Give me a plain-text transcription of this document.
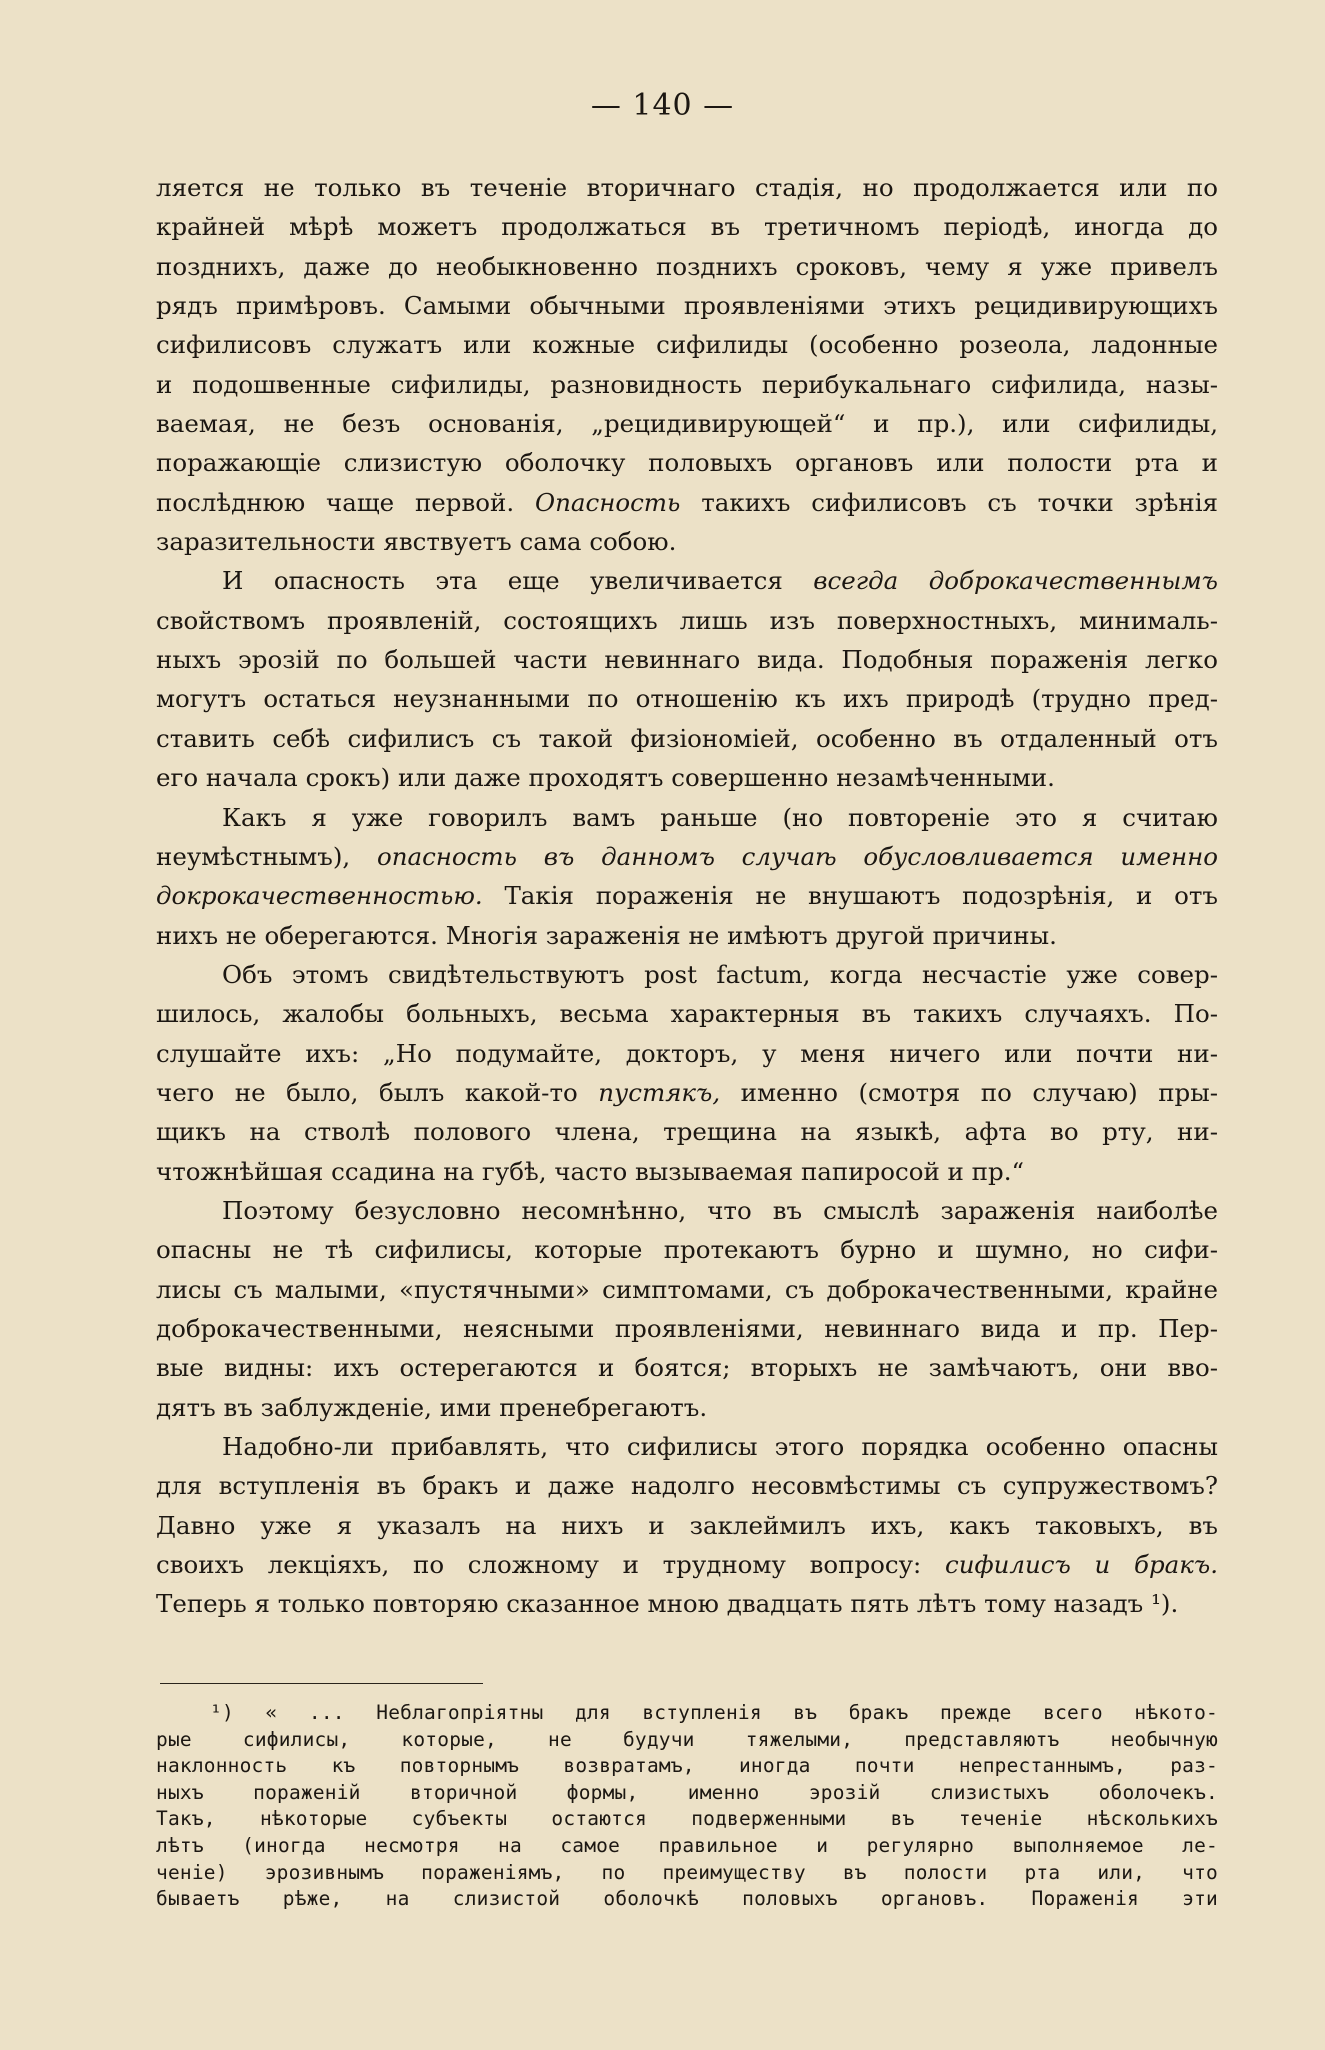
— 140 —
ляется не только въ теченіе вторичнаго стадія, но продолжается или по
крайней мѣрѣ можетъ продолжаться въ третичномъ періодѣ, иногда до
позднихъ, даже до необыкновенно позднихъ сроковъ, чему я уже привелъ
рядъ примѣровъ. Самыми обычными проявленіями этихъ рецидивирующихъ
сифилисовъ служатъ или кожные сифилиды (особенно розеола, ладонные
и подошвенные сифилиды, разновидность перибукальнаго сифилида, назы-
ваемая, не безъ основанія, „рецидивирующей“ и пр.), или сифилиды,
поражающіе слизистую оболочку половыхъ органовъ или полости рта и
послѣднюю чаще первой. Опасность такихъ сифилисовъ съ точки зрѣнія
заразительности явствуетъ сама собою.
И опасность эта еще увеличивается всегда доброкачественнымъ
свойствомъ проявленій, состоящихъ лишь изъ поверхностныхъ, минималь-
ныхъ эрозій по большей части невиннаго вида. Подобныя пораженія легко
могутъ остаться неузнанными по отношенію къ ихъ природѣ (трудно пред-
ставить себѣ сифилисъ съ такой физіономіей, особенно въ отдаленный отъ
его начала срокъ) или даже проходятъ совершенно незамѣченными.
Какъ я уже говорилъ вамъ раньше (но повтореніе это я считаю
неумѣстнымъ), опасность въ данномъ случаѣ обусловливается именно
докрокачественностью. Такія пораженія не внушаютъ подозрѣнія, и отъ
нихъ не оберегаются. Многія зараженія не имѣютъ другой причины.
Объ этомъ свидѣтельствуютъ post factum, когда несчастіе уже совер-
шилось, жалобы больныхъ, весьма характерныя въ такихъ случаяхъ. По-
слушайте ихъ: „Но подумайте, докторъ, у меня ничего или почти ни-
чего не было, былъ какой-то пустякъ, именно (смотря по случаю) пры-
щикъ на стволѣ полового члена, трещина на языкѣ, афта во рту, ни-
чтожнѣйшая ссадина на губѣ, часто вызываемая папиросой и пр.“
Поэтому безусловно несомнѣнно, что въ смыслѣ зараженія наиболѣе
опасны не тѣ сифилисы, которые протекаютъ бурно и шумно, но сифи-
лисы съ малыми, «пустячными» симптомами, съ доброкачественными, крайне
доброкачественными, неясными проявленіями, невиннаго вида и пр. Пер-
вые видны: ихъ остерегаются и боятся; вторыхъ не замѣчаютъ, они вво-
дятъ въ заблужденіе, ими пренебрегаютъ.
Надобно-ли прибавлять, что сифилисы этого порядка особенно опасны
для вступленія въ бракъ и даже надолго несовмѣстимы съ супружествомъ?
Давно уже я указалъ на нихъ и заклеймилъ ихъ, какъ таковыхъ, въ
своихъ лекціяхъ, по сложному и трудному вопросу: сифилисъ и бракъ.
Теперь я только повторяю сказанное мною двадцать пять лѣтъ тому назадъ ¹).
¹) « ... Неблагопріятны для вступленія въ бракъ прежде всего нѣкото-
рые сифилисы, которые, не будучи тяжелыми, представляютъ необычную
наклонность къ повторнымъ возвратамъ, иногда почти непрестаннымъ, раз-
ныхъ пораженій вторичной формы, именно эрозій слизистыхъ оболочекъ.
Такъ, нѣкоторые субъекты остаются подверженными въ теченіе нѣсколькихъ
лѣтъ (иногда несмотря на самое правильное и регулярно выполняемое ле-
ченіе) эрозивнымъ пораженіямъ, по преимуществу въ полости рта или, что
бываетъ рѣже, на слизистой оболочкѣ половыхъ органовъ. Пораженія эти
